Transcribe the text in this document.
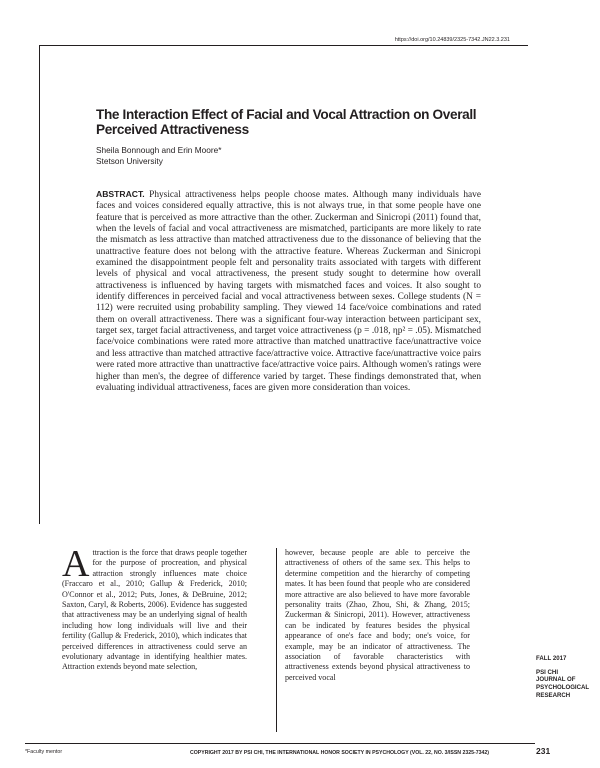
https://doi.org/10.24839/2325-7342.JN22.3.231
The Interaction Effect of Facial and Vocal Attraction on Overall Perceived Attractiveness
Sheila Bonnough and Erin Moore*
Stetson University
ABSTRACT. Physical attractiveness helps people choose mates. Although many individuals have faces and voices considered equally attractive, this is not always true, in that some people have one feature that is perceived as more attractive than the other. Zuckerman and Sinicropi (2011) found that, when the levels of facial and vocal attractiveness are mismatched, participants are more likely to rate the mismatch as less attractive than matched attractiveness due to the dissonance of believing that the unattractive feature does not belong with the attractive feature. Whereas Zuckerman and Sinicropi examined the disappointment people felt and personality traits associated with targets with different levels of physical and vocal attractiveness, the present study sought to determine how overall attractiveness is influenced by having targets with mismatched faces and voices. It also sought to identify differences in perceived facial and vocal attractiveness between sexes. College students (N = 112) were recruited using probability sampling. They viewed 14 face/voice combinations and rated them on overall attractiveness. There was a significant four-way interaction between participant sex, target sex, target facial attractiveness, and target voice attractiveness (p = .018, ηp² = .05). Mismatched face/voice combinations were rated more attractive than matched unattractive face/unattractive voice and less attractive than matched attractive face/attractive voice. Attractive face/unattractive voice pairs were rated more attractive than unattractive face/attractive voice pairs. Although women's ratings were higher than men's, the degree of difference varied by target. These findings demonstrated that, when evaluating individual attractiveness, faces are given more consideration than voices.
A ttraction is the force that draws people together for the purpose of procreation, and physical attraction strongly influences mate choice (Fraccaro et al., 2010; Gallup & Frederick, 2010; O'Connor et al., 2012; Puts, Jones, & DeBruine, 2012; Saxton, Caryl, & Roberts, 2006). Evidence has suggested that attractiveness may be an underlying signal of health including how long individuals will live and their fertility (Gallup & Frederick, 2010), which indicates that perceived differences in attractiveness could serve an evolutionary advantage in identifying healthier mates. Attraction extends beyond mate selection,
however, because people are able to perceive the attractiveness of others of the same sex. This helps to determine competition and the hierarchy of competing mates. It has been found that people who are considered more attractive are also believed to have more favorable personality traits (Zhao, Zhou, Shi, & Zhang, 2015; Zuckerman & Sinicropi, 2011). However, attractiveness can be indicated by features besides the physical appearance of one's face and body; one's voice, for example, may be an indicator of attractiveness. The association of favorable characteristics with attractiveness extends beyond physical attractiveness to perceived vocal
FALL 2017
PSI CHI
JOURNAL OF
PSYCHOLOGICAL
RESEARCH
*Faculty mentor	COPYRIGHT 2017 BY PSI CHI, THE INTERNATIONAL HONOR SOCIETY IN PSYCHOLOGY (VOL. 22, NO. 3/ISSN 2325-7342)	231
